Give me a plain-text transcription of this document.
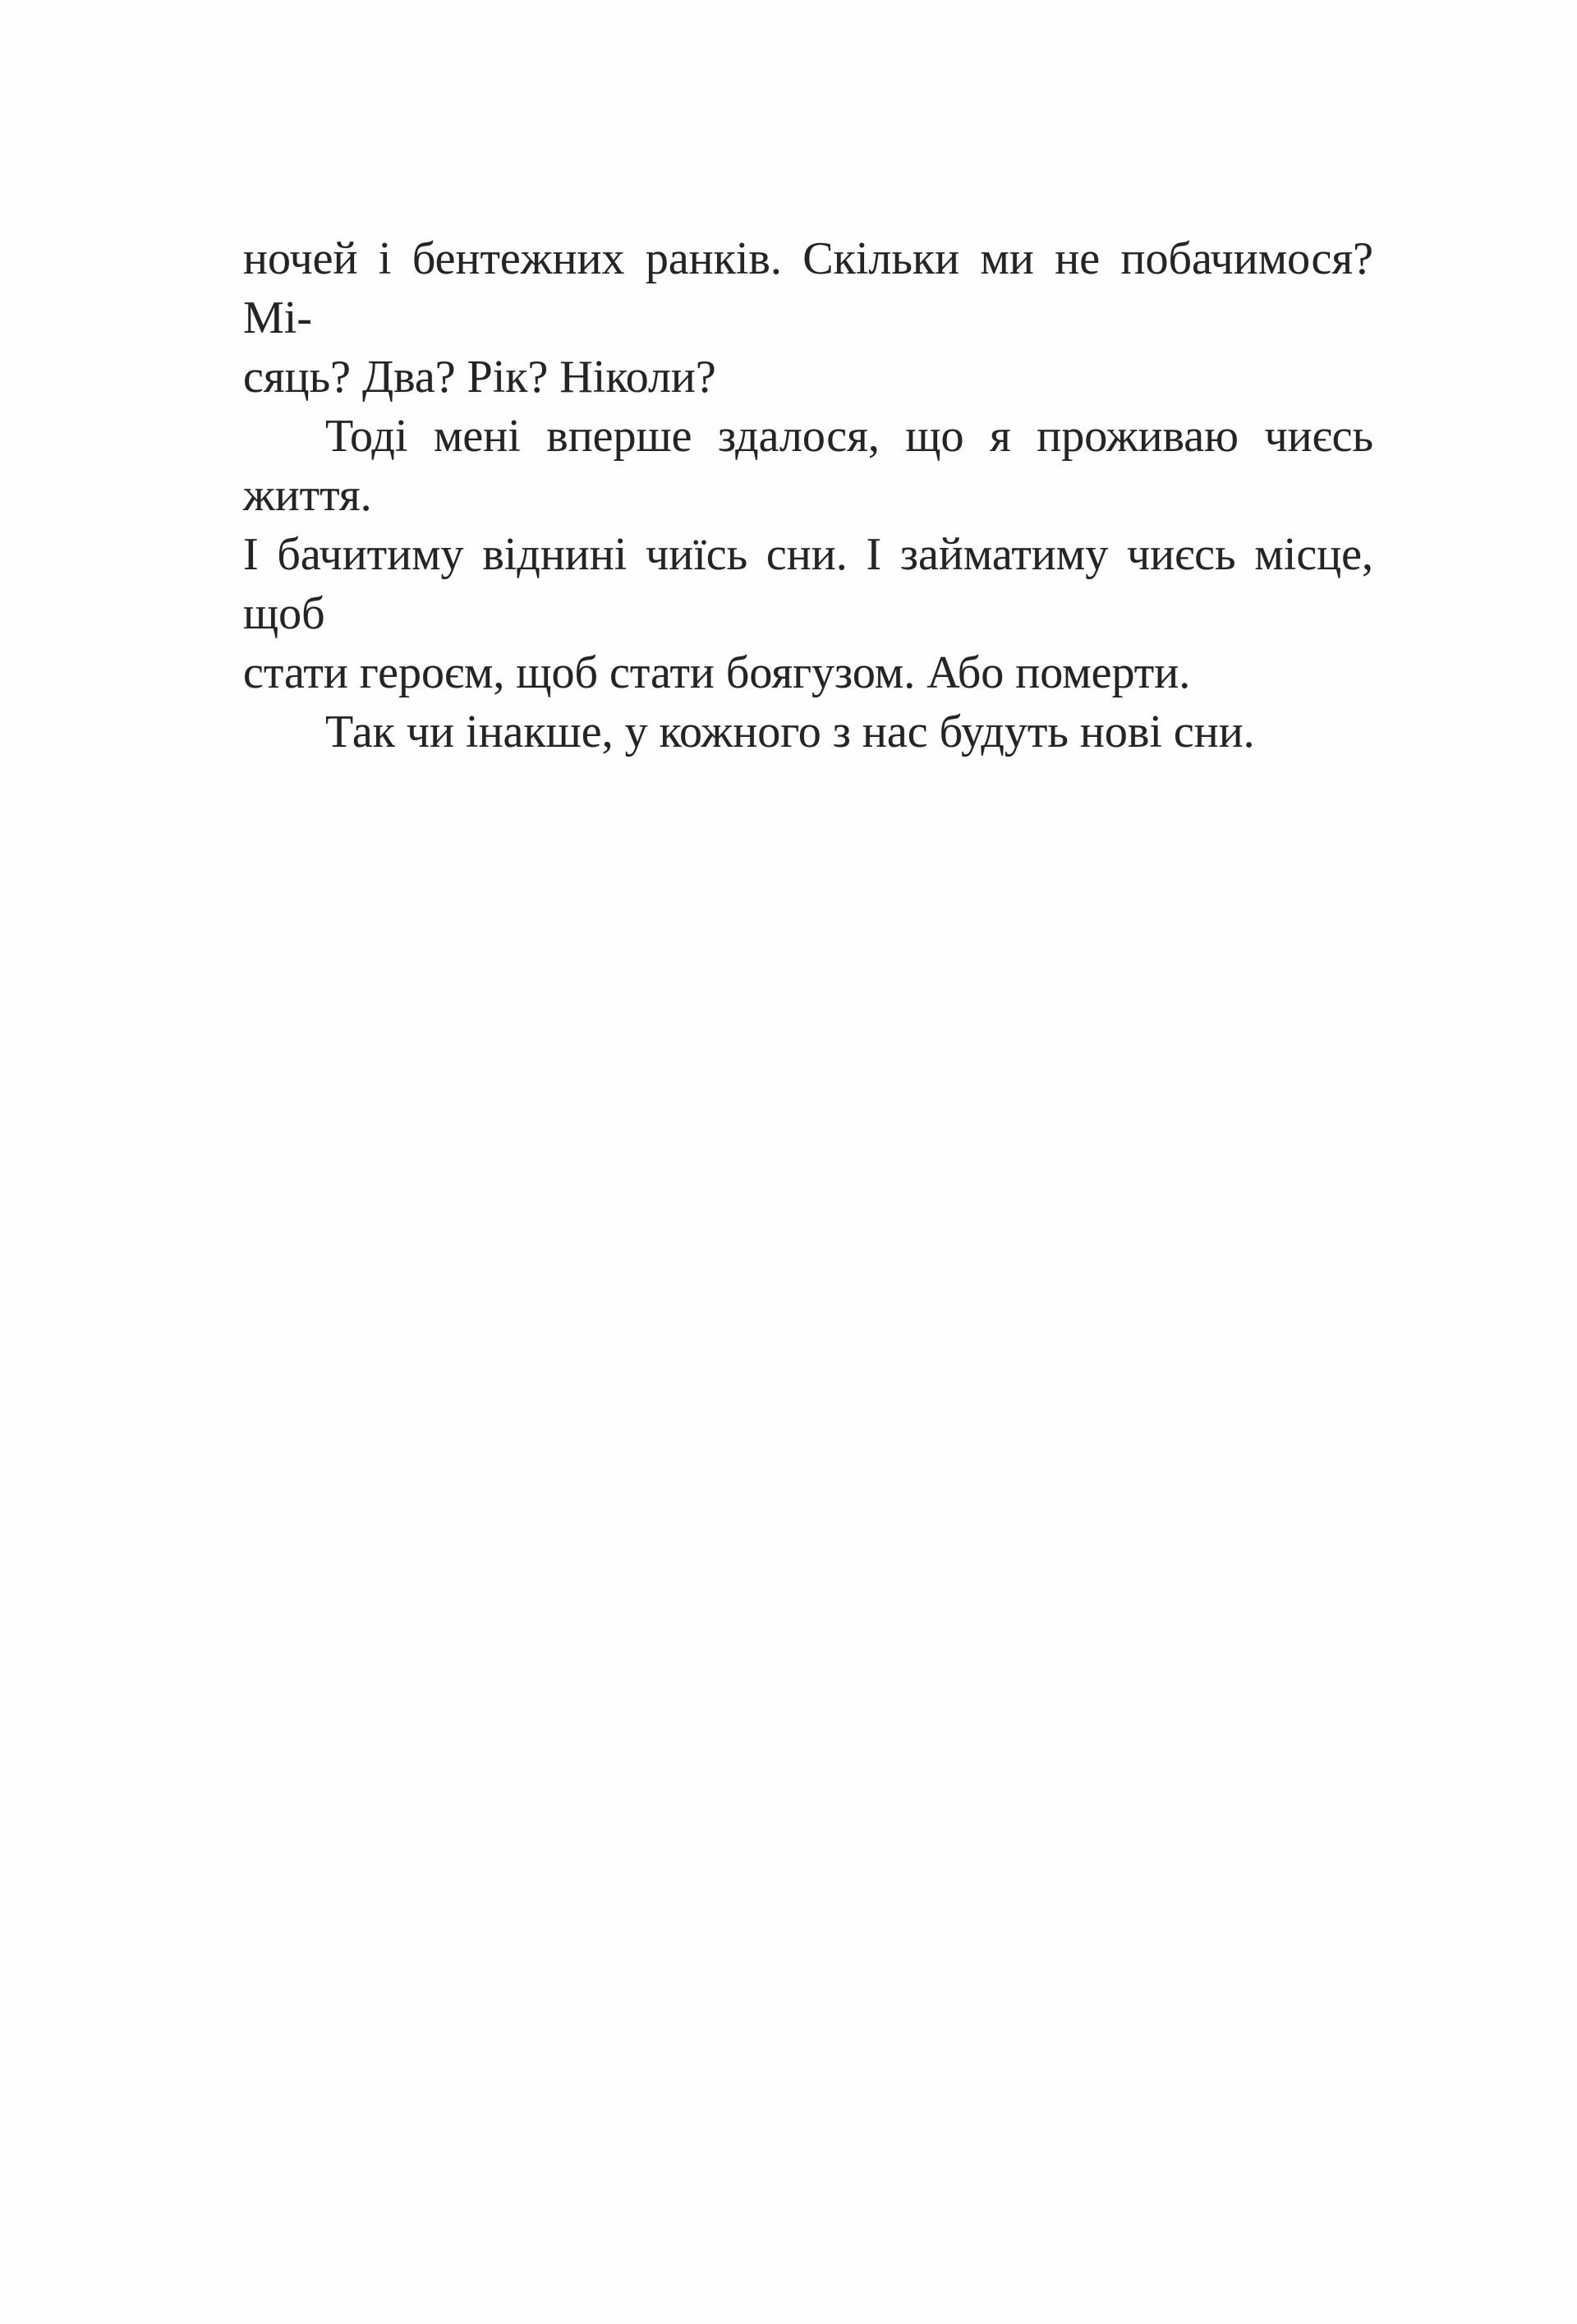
ночей і бентежних ранків. Скільки ми не побачимося? Мі-
сяць? Два? Рік? Ніколи?
Тоді мені вперше здалося, що я проживаю чиєсь життя.
І бачитиму віднині чиїсь сни. І займатиму чиєсь місце, щоб
стати героєм, щоб стати боягузом. Або померти.
Так чи інакше, у кожного з нас будуть нові сни.
